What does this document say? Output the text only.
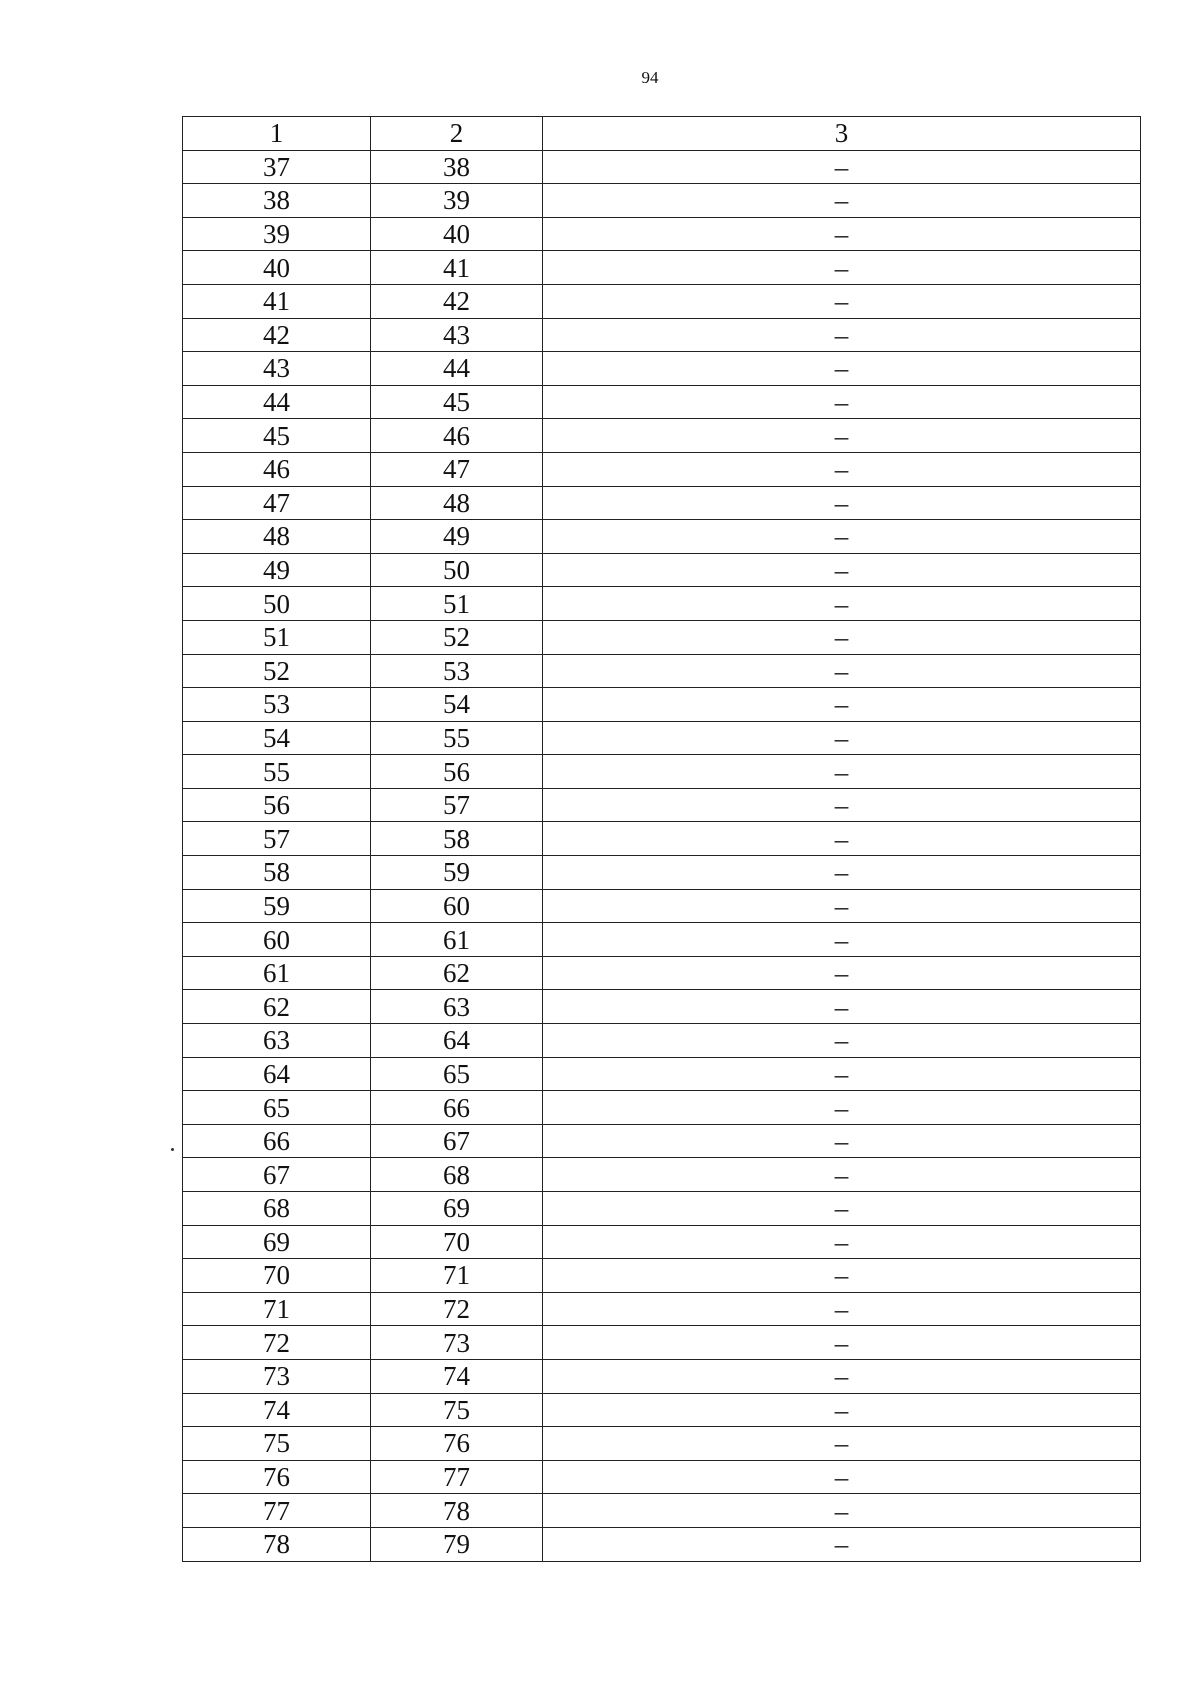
94
1	2	3
37	38	–
38	39	–
39	40	–
40	41	–
41	42	–
42	43	–
43	44	–
44	45	–
45	46	–
46	47	–
47	48	–
48	49	–
49	50	–
50	51	–
51	52	–
52	53	–
53	54	–
54	55	–
55	56	–
56	57	–
57	58	–
58	59	–
59	60	–
60	61	–
61	62	–
62	63	–
63	64	–
64	65	–
65	66	–
66	67	–
67	68	–
68	69	–
69	70	–
70	71	–
71	72	–
72	73	–
73	74	–
74	75	–
75	76	–
76	77	–
77	78	–
78	79	–
